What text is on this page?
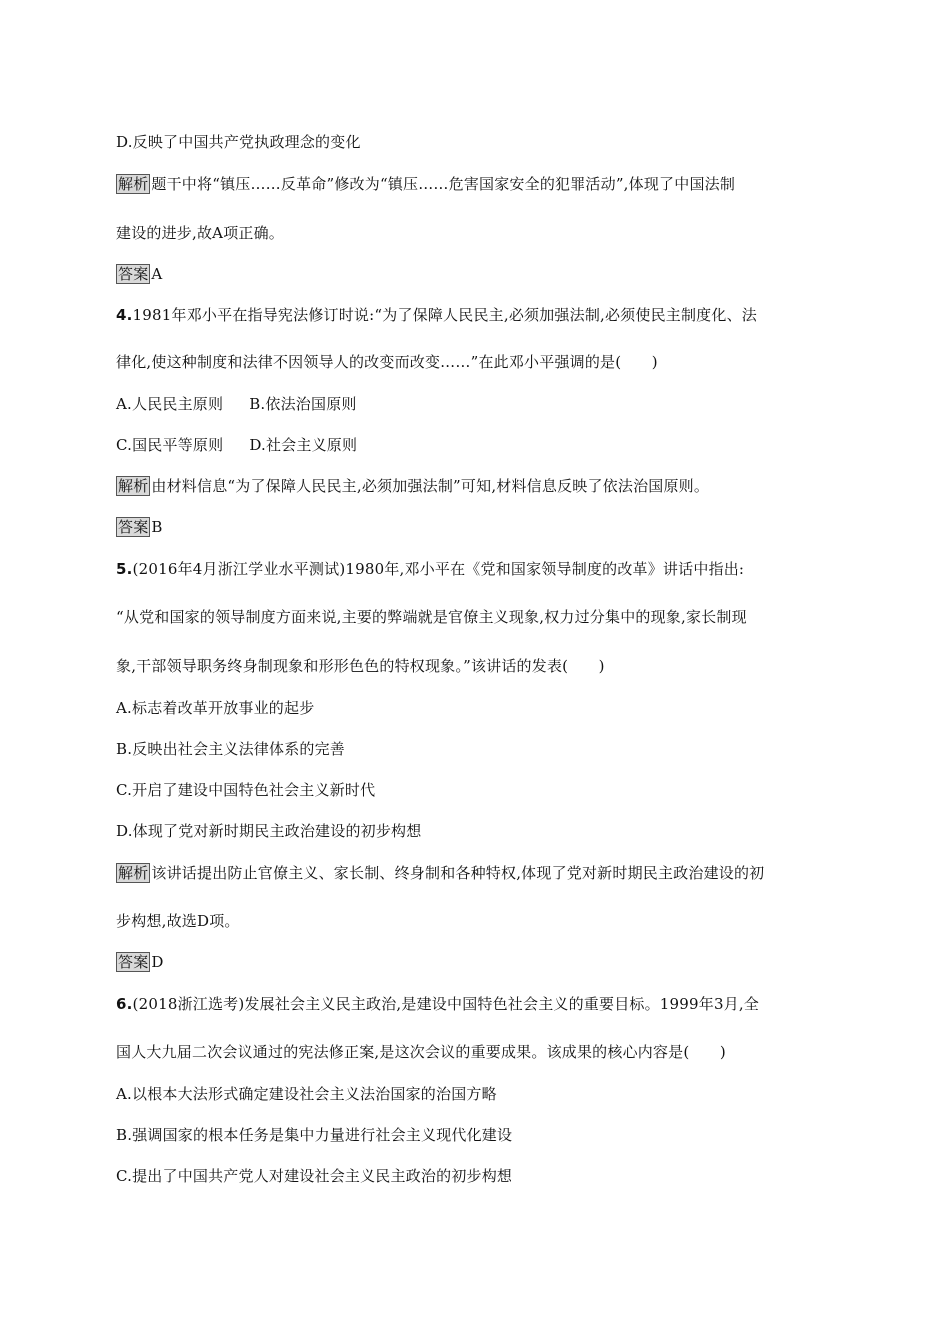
D.反映了中国共产党执政理念的变化
解析 题干中将“镇压……反革命”修改为“镇压……危害国家安全的犯罪活动”,体现了中国法制
建设的进步,故A项正确。
答案 A
4.1981年邓小平在指导宪法修订时说:“为了保障人民民主,必须加强法制,必须使民主制度化、法
律化,使这种制度和法律不因领导人的改变而改变……”在此邓小平强调的是(　　)
A.人民民主原则 B.依法治国原则
C.国民平等原则 D.社会主义原则
解析 由材料信息“为了保障人民民主,必须加强法制”可知,材料信息反映了依法治国原则。
答案 B
5.(2016年4月浙江学业水平测试)1980年,邓小平在《党和国家领导制度的改革》讲话中指出:
“从党和国家的领导制度方面来说,主要的弊端就是官僚主义现象,权力过分集中的现象,家长制现
象,干部领导职务终身制现象和形形色色的特权现象。”该讲话的发表(　　)
A.标志着改革开放事业的起步
B.反映出社会主义法律体系的完善
C.开启了建设中国特色社会主义新时代
D.体现了党对新时期民主政治建设的初步构想
解析 该讲话提出防止官僚主义、家长制、终身制和各种特权,体现了党对新时期民主政治建设的初
步构想,故选D项。
答案 D
6.(2018浙江选考)发展社会主义民主政治,是建设中国特色社会主义的重要目标。1999年3月,全
国人大九届二次会议通过的宪法修正案,是这次会议的重要成果。该成果的核心内容是(　　)
A.以根本大法形式确定建设社会主义法治国家的治国方略
B.强调国家的根本任务是集中力量进行社会主义现代化建设
C.提出了中国共产党人对建设社会主义民主政治的初步构想
